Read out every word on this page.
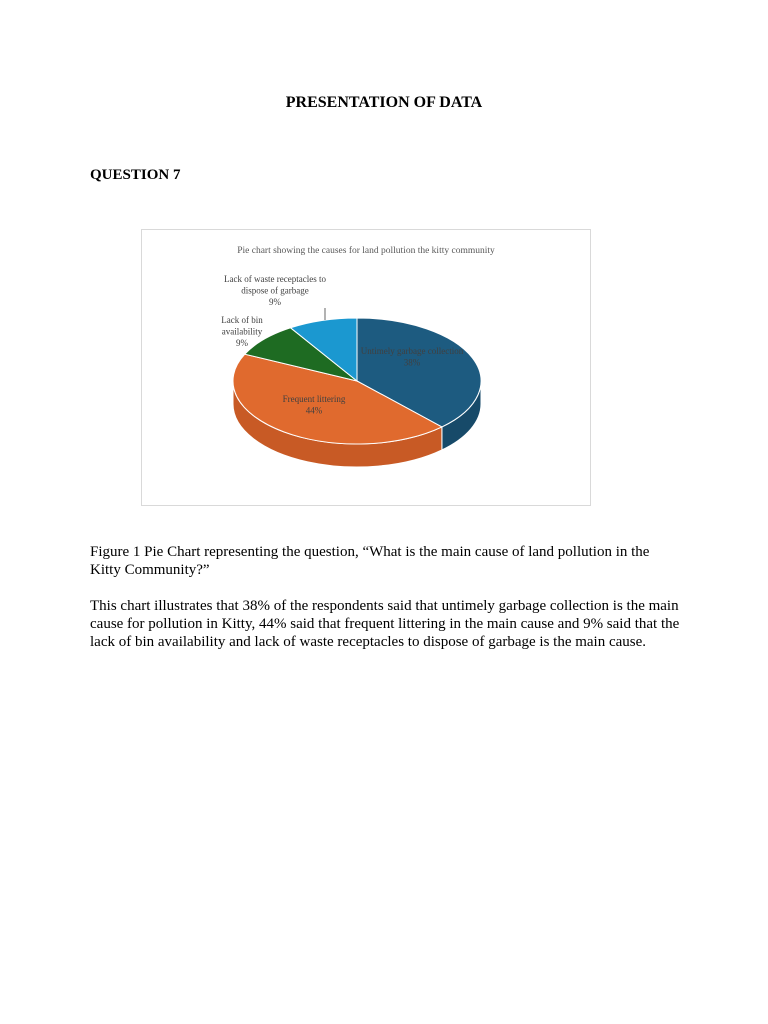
PRESENTATION OF DATA
QUESTION 7
Pie chart showing the causes for land pollution the kitty community
Untimely garbage collection 38%
Frequent littering 44%
Lack of bin availability 9%
Lack of waste receptacles to dispose of garbage 9%
Figure 1 Pie Chart representing the question, “What is the main cause of land pollution in the Kitty Community?”
This chart illustrates that 38% of the respondents said that untimely garbage collection is the main cause for pollution in Kitty, 44% said that frequent littering in the main cause and 9% said that the lack of bin availability and lack of waste receptacles to dispose of garbage is the main cause.
